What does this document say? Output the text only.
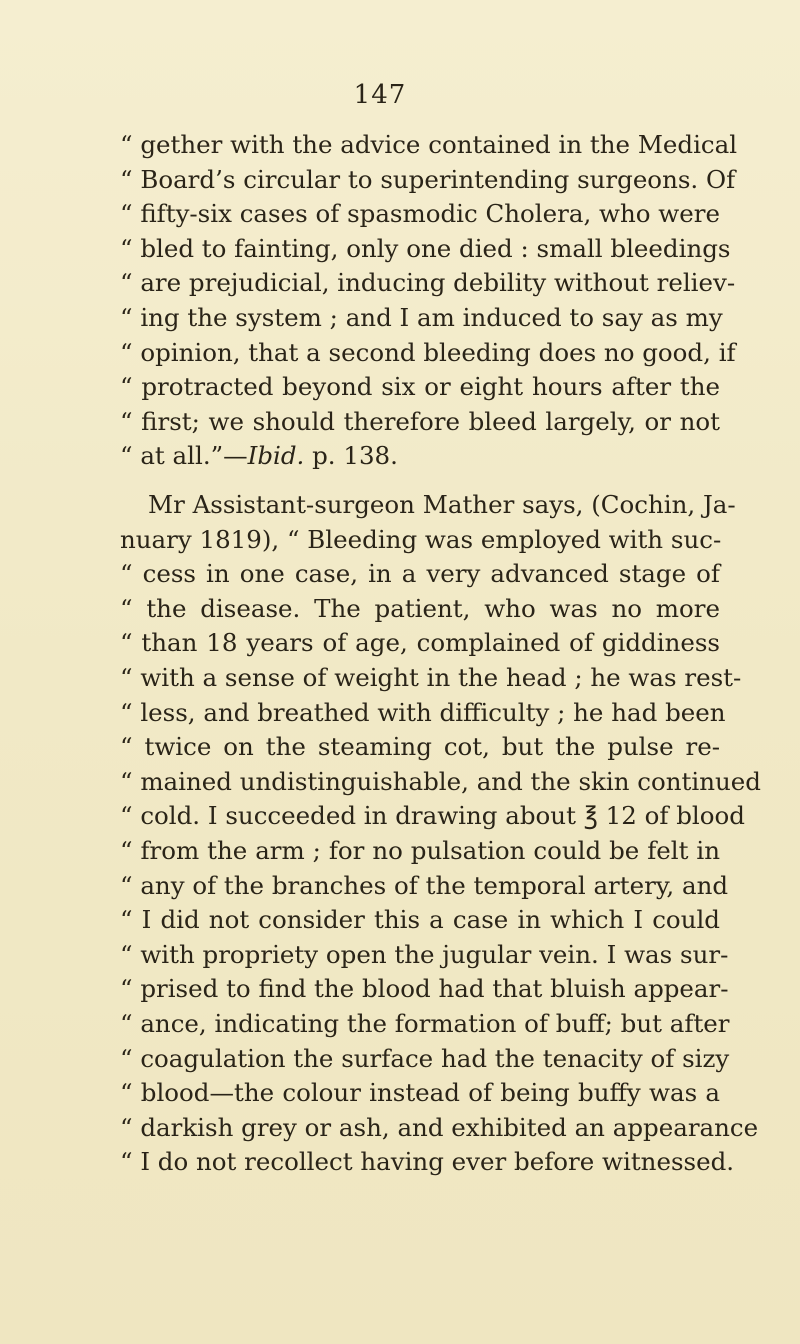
147
“ gether with the advice contained in the Medical
“ Board’s circular to superintending surgeons. Of
“ fifty-six cases of spasmodic Cholera, who were
“ bled to fainting, only one died : small bleedings
“ are prejudicial, inducing debility without reliev-
“ ing the system ; and I am induced to say as my
“ opinion, that a second bleeding does no good, if
“ protracted beyond six or eight hours after the
“ first; we should therefore bleed largely, or not
“ at all.”—Ibid. p. 138.
Mr Assistant-surgeon Mather says, (Cochin, Ja-
nuary 1819), “ Bleeding was employed with suc-
“ cess in one case, in a very advanced stage of
“ the disease. The patient, who was no more
“ than 18 years of age, complained of giddiness
“ with a sense of weight in the head ; he was rest-
“ less, and breathed with difficulty ; he had been
“ twice on the steaming cot, but the pulse re-
“ mained undistinguishable, and the skin continued
“ cold. I succeeded in drawing about ℥ 12 of blood
“ from the arm ; for no pulsation could be felt in
“ any of the branches of the temporal artery, and
“ I did not consider this a case in which I could
“ with propriety open the jugular vein. I was sur-
“ prised to find the blood had that bluish appear-
“ ance, indicating the formation of buff; but after
“ coagulation the surface had the tenacity of sizy
“ blood—the colour instead of being buffy was a
“ darkish grey or ash, and exhibited an appearance
“ I do not recollect having ever before witnessed.
